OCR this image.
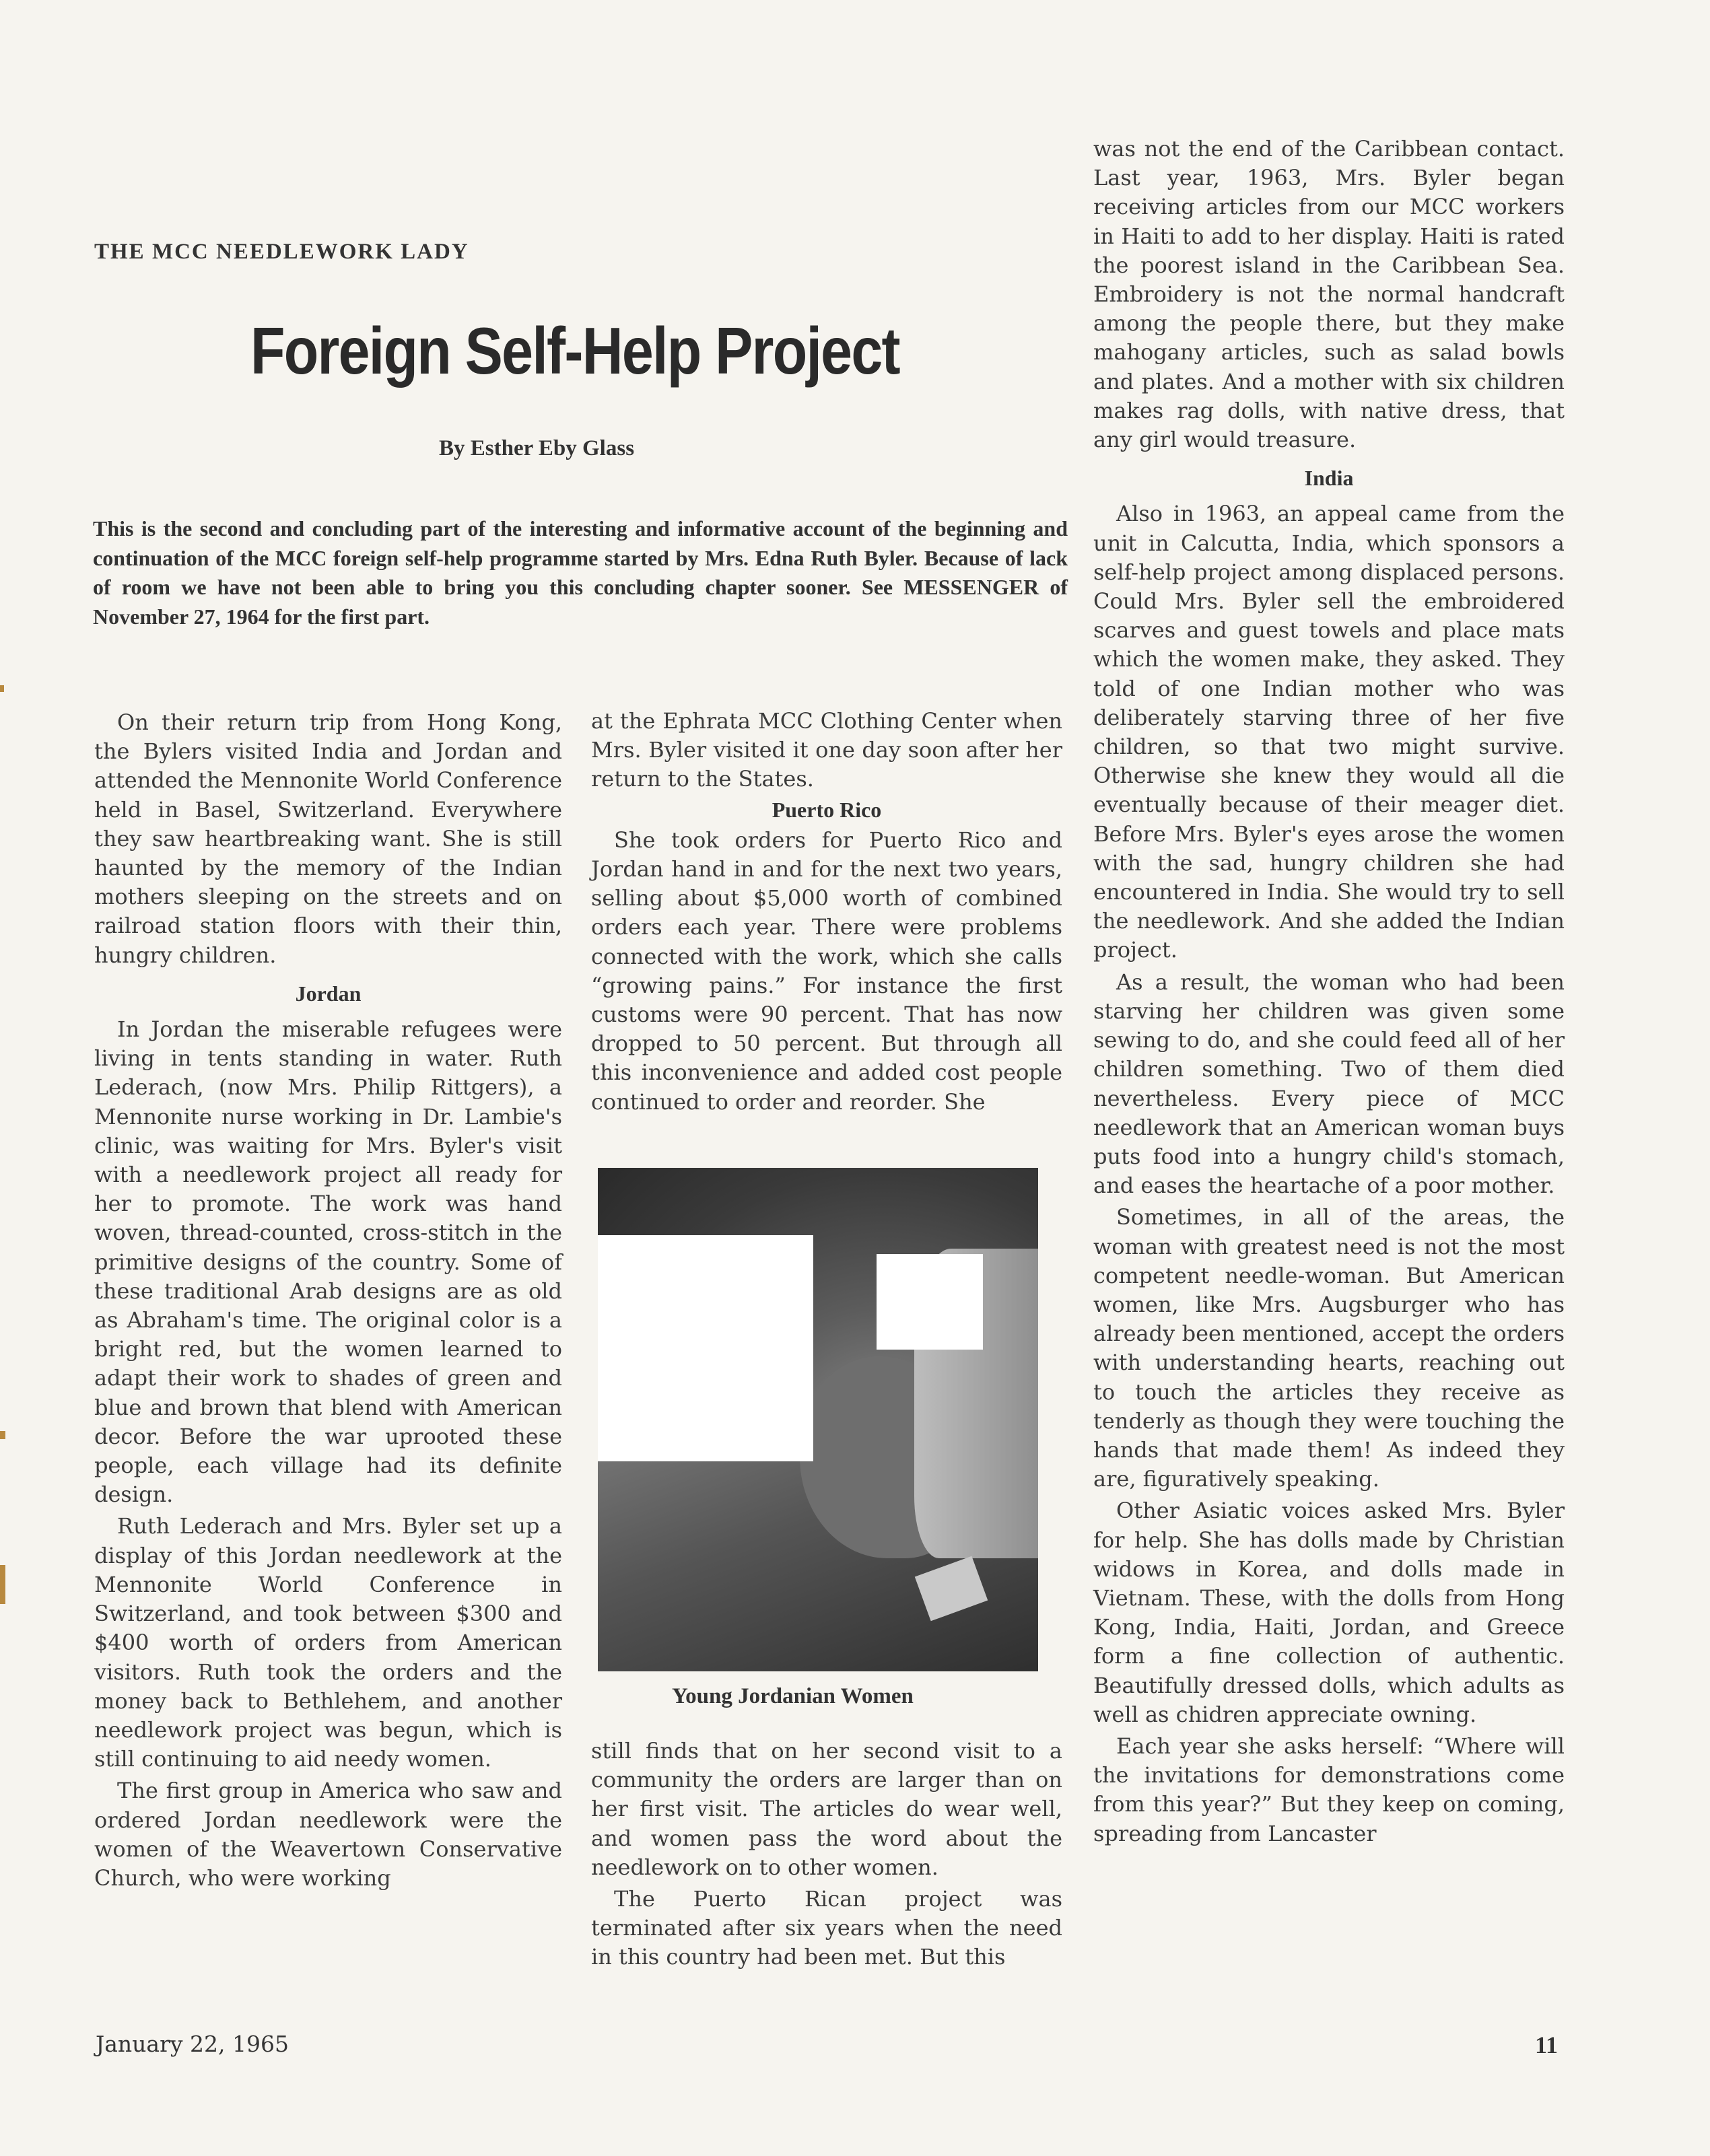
THE MCC NEEDLEWORK LADY
Foreign Self-Help Project
By Esther Eby Glass

This is the second and concluding part of the interesting and informative account of the beginning and continuation of the MCC foreign self-help programme started by Mrs. Edna Ruth Byler. Because of lack of room we have not been able to bring you this concluding chapter sooner. See MESSENGER of November 27, 1964 for the first part.

On their return trip from Hong Kong, the Bylers visited India and Jordan and attended the Mennonite World Conference held in Basel, Switzerland. Everywhere they saw heartbreaking want. She is still haunted by the memory of the Indian mothers sleeping on the streets and on railroad station floors with their thin, hungry children.

Jordan

In Jordan the miserable refugees were living in tents standing in water. Ruth Lederach, (now Mrs. Philip Rittgers), a Mennonite nurse working in Dr. Lambie's clinic, was waiting for Mrs. Byler's visit with a needlework project all ready for her to promote. The work was hand woven, thread-counted, cross-stitch in the primitive designs of the country. Some of these traditional Arab designs are as old as Abraham's time. The original color is a bright red, but the women learned to adapt their work to shades of green and blue and brown that blend with American decor. Before the war uprooted these people, each village had its definite design.

Ruth Lederach and Mrs. Byler set up a display of this Jordan needlework at the Mennonite World Conference in Switzerland, and took between $300 and $400 worth of orders from American visitors. Ruth took the orders and the money back to Bethlehem, and another needlework project was begun, which is still continuing to aid needy women.

The first group in America who saw and ordered Jordan needlework were the women of the Weavertown Conservative Church, who were working

at the Ephrata MCC Clothing Center when Mrs. Byler visited it one day soon after her return to the States.

Puerto Rico

She took orders for Puerto Rico and Jordan hand in and for the next two years, selling about $5,000 worth of combined orders each year. There were problems connected with the work, which she calls “growing pains.” For instance the first customs were 90 percent. That has now dropped to 50 percent. But through all this inconvenience and added cost people continued to order and reorder. She

Young Jordanian Women

still finds that on her second visit to a community the orders are larger than on her first visit. The articles do wear well, and women pass the word about the needlework on to other women.

The Puerto Rican project was terminated after six years when the need in this country had been met. But this

was not the end of the Caribbean contact. Last year, 1963, Mrs. Byler began receiving articles from our MCC workers in Haiti to add to her display. Haiti is rated the poorest island in the Caribbean Sea. Embroidery is not the normal handcraft among the people there, but they make mahogany articles, such as salad bowls and plates. And a mother with six children makes rag dolls, with native dress, that any girl would treasure.

India

Also in 1963, an appeal came from the unit in Calcutta, India, which sponsors a self-help project among displaced persons. Could Mrs. Byler sell the embroidered scarves and guest towels and place mats which the women make, they asked. They told of one Indian mother who was deliberately starving three of her five children, so that two might survive. Otherwise she knew they would all die eventually because of their meager diet. Before Mrs. Byler's eyes arose the women with the sad, hungry children she had encountered in India. She would try to sell the needlework. And she added the Indian project.

As a result, the woman who had been starving her children was given some sewing to do, and she could feed all of her children something. Two of them died nevertheless. Every piece of MCC needlework that an American woman buys puts food into a hungry child's stomach, and eases the heartache of a poor mother.

Sometimes, in all of the areas, the woman with greatest need is not the most competent needle-woman. But American women, like Mrs. Augsburger who has already been mentioned, accept the orders with understanding hearts, reaching out to touch the articles they receive as tenderly as though they were touching the hands that made them! As indeed they are, figuratively speaking.

Other Asiatic voices asked Mrs. Byler for help. She has dolls made by Christian widows in Korea, and dolls made in Vietnam. These, with the dolls from Hong Kong, India, Haiti, Jordan, and Greece form a fine collection of authentic. Beautifully dressed dolls, which adults as well as chidren appreciate owning.

Each year she asks herself: “Where will the invitations for demonstrations come from this year?” But they keep on coming, spreading from Lancaster

January 22, 1965	11
